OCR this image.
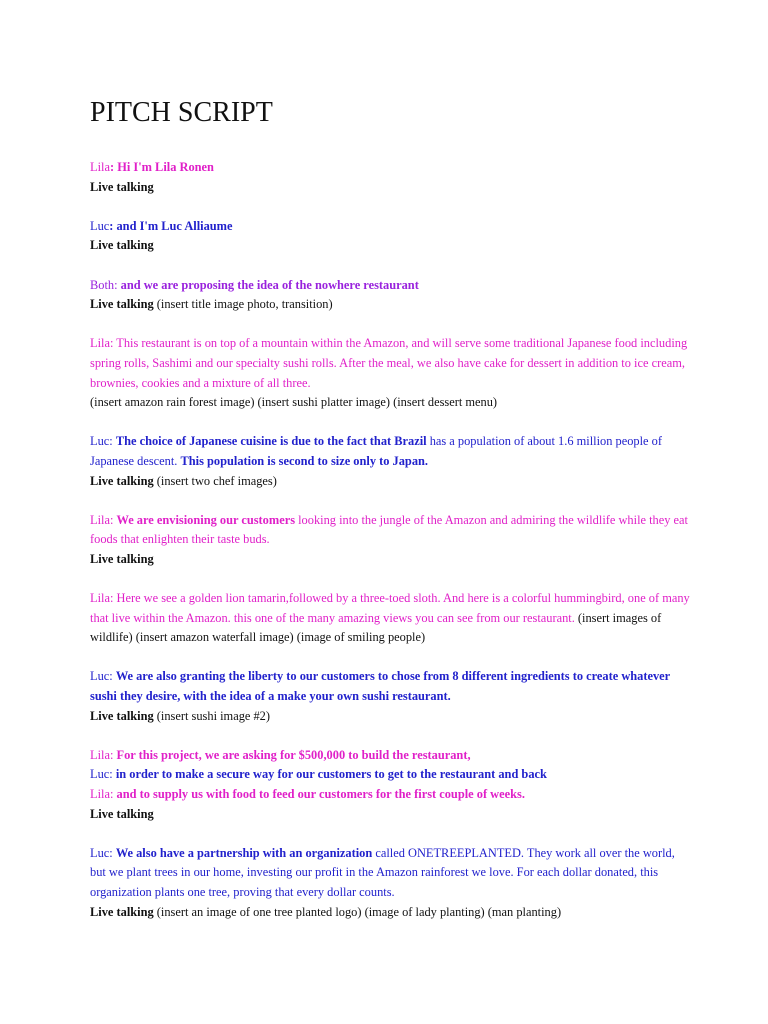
PITCH SCRIPT
Lila: Hi I'm Lila Ronen
Live talking
Luc: and I'm Luc Alliaume
Live talking
Both: and we are proposing the idea of the nowhere restaurant
Live talking (insert title image photo, transition)
Lila: This restaurant is on top of a mountain within the Amazon, and will serve some traditional Japanese food including spring rolls, Sashimi and our specialty sushi rolls. After the meal, we also have cake for dessert in addition to ice cream, brownies, cookies and a mixture of all three.
(insert amazon rain forest image) (insert sushi platter image) (insert dessert menu)
Luc: The choice of Japanese cuisine is due to the fact that Brazil has a population of about 1.6 million people of Japanese descent. This population is second to size only to Japan.
Live talking (insert two chef images)
Lila: We are envisioning our customers looking into the jungle of the Amazon and admiring the wildlife while they eat foods that enlighten their taste buds.
Live talking
Lila: Here we see a golden lion tamarin,followed by a three-toed sloth. And here is a colorful hummingbird, one of many that live within the Amazon. this one of the many amazing views you can see from our restaurant. (insert images of wildlife) (insert amazon waterfall image) (image of smiling people)
Luc: We are also granting the liberty to our customers to chose from 8 different ingredients to create whatever sushi they desire, with the idea of a make your own sushi restaurant.
Live talking (insert sushi image #2)
Lila: For this project, we are asking for $500,000 to build the restaurant,
Luc: in order to make a secure way for our customers to get to the restaurant and back
Lila: and to supply us with food to feed our customers for the first couple of weeks.
Live talking
Luc: We also have a partnership with an organization called ONETREEPLANTED. They work all over the world, but we plant trees in our home, investing our profit in the Amazon rainforest we love. For each dollar donated, this organization plants one tree, proving that every dollar counts.
Live talking (insert an image of one tree planted logo) (image of lady planting) (man planting)
